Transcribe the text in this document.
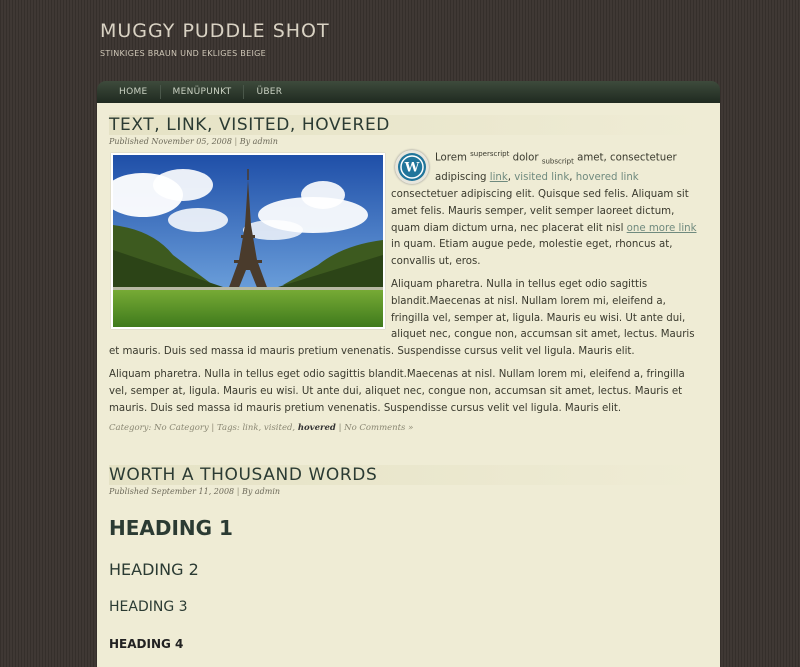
MUGGY PUDDLE SHOT
STINKIGES BRAUN UND EKLIGES BEIGE
HOME	MENÜPUNKT	ÜBER
TEXT, LINK, VISITED, HOVERED
Published November 05, 2008 | By admin

W
Lorem $^{superscript}$ dolor $_{subscript}$ amet, consectetuer adipiscing link, visited link, hovered link consectetuer adipiscing elit. Quisque sed felis. Aliquam sit amet felis. Mauris semper, velit semper laoreet dictum, quam diam dictum urna, nec placerat elit nisl one more link in quam. Etiam augue pede, molestie eget, rhoncus at, convallis ut, eros.

Aliquam pharetra. Nulla in tellus eget odio sagittis blandit.Maecenas at nisl. Nullam lorem mi, eleifend a, fringilla vel, semper at, ligula. Mauris eu wisi. Ut ante dui, aliquet nec, congue non, accumsan sit amet, lectus. Mauris et mauris. Duis sed massa id mauris pretium venenatis. Suspendisse cursus velit vel ligula. Mauris elit.

Aliquam pharetra. Nulla in tellus eget odio sagittis blandit.Maecenas at nisl. Nullam lorem mi, eleifend a, fringilla vel, semper at, ligula. Mauris eu wisi. Ut ante dui, aliquet nec, congue non, accumsan sit amet, lectus. Mauris et mauris. Duis sed massa id mauris pretium venenatis. Suspendisse cursus velit vel ligula. Mauris elit.

Category: No Category | Tags: link, visited, hovered | No Comments »
WORTH A THOUSAND WORDS
Published September 11, 2008 | By admin
HEADING 1
HEADING 2
HEADING 3
HEADING 4
